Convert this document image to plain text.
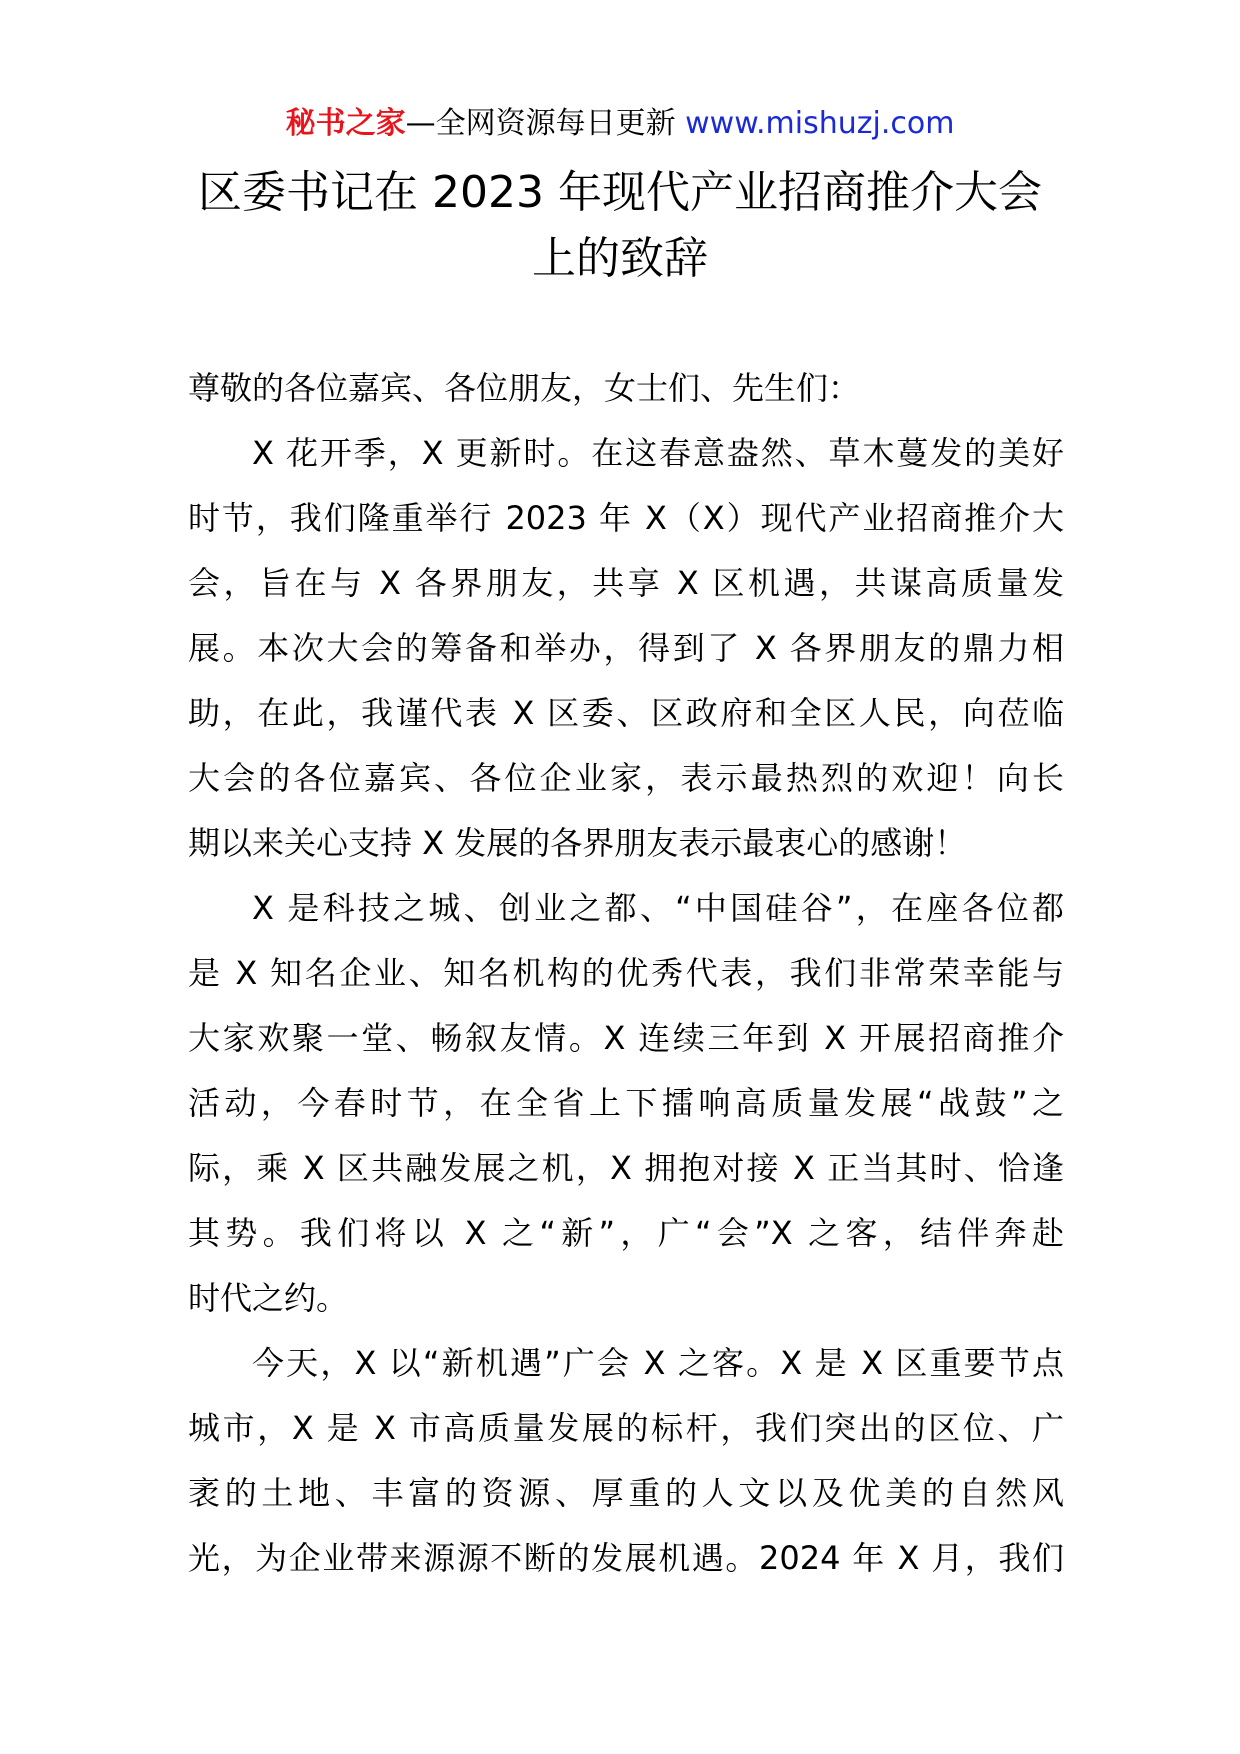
秘书之家—全网资源每日更新 www.mishuzj.com
区委书记在 2023 年现代产业招商推介大会
上的致辞

尊敬的各位嘉宾、各位朋友，女士们、先生们：

X 花开季，X 更新时。在这春意盎然、草木蔓发的美好
时节，我们隆重举行 2023 年 X（X）现代产业招商推介大
会，旨在与 X 各界朋友，共享 X 区机遇，共谋高质量发
展。本次大会的筹备和举办，得到了 X 各界朋友的鼎力相
助，在此，我谨代表 X 区委、区政府和全区人民，向莅临
大会的各位嘉宾、各位企业家，表示最热烈的欢迎！向长
期以来关心支持 X 发展的各界朋友表示最衷心的感谢！

X 是科技之城、创业之都、“中国硅谷”，在座各位都
是 X 知名企业、知名机构的优秀代表，我们非常荣幸能与
大家欢聚一堂、畅叙友情。X 连续三年到 X 开展招商推介
活动，今春时节，在全省上下擂响高质量发展“战鼓”之
际，乘 X 区共融发展之机，X 拥抱对接 X 正当其时、恰逢
其势。我们将以 X 之“新”，广“会”X 之客，结伴奔赴
时代之约。

今天，X 以“新机遇”广会 X 之客。X 是 X 区重要节点
城市，X 是 X 市高质量发展的标杆，我们突出的区位、广
袤的土地、丰富的资源、厚重的人文以及优美的自然风
光，为企业带来源源不断的发展机遇。2024 年 X 月，我们
